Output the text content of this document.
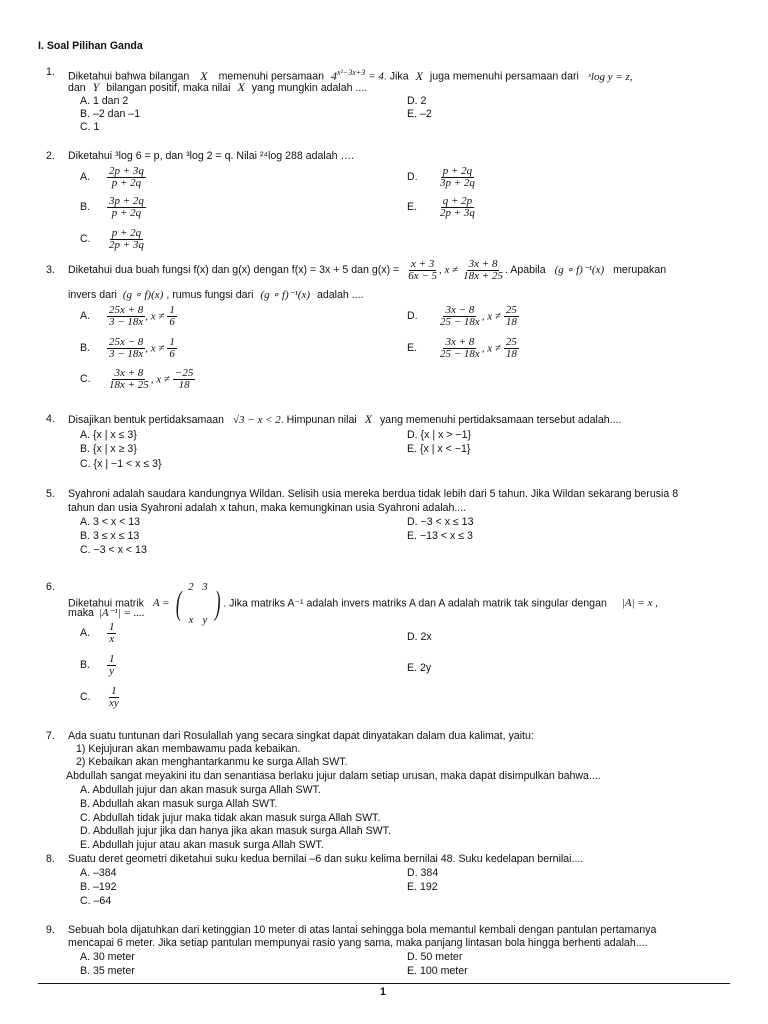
I. Soal Pilihan Ganda
1. Diketahui bahwa bilangan X memenuhi persamaan $4^{x^2-3x+3} = 4$. Jika X juga memenuhi persamaan dari ˣlog y = z,
dan Y bilangan positif, maka nilai X yang mungkin adalah ....
A. 1 dan 2
B. –2 dan –1
C. 1
D. 2
E. –2
2. Diketahui ³log 6 = p, dan ³log 2 = q. Nilai ²⁴log 288 adalah ….
A. $\frac{2p + 3q}{p + 2q}$
B. $\frac{3p + 2q}{p + 2q}$
C. $\frac{p + 2q}{2p + 3q}$
D. $\frac{p + 2q}{3p + 2q}$
E. $\frac{q + 2p}{2p + 3q}$
3. Diketahui dua buah fungsi f(x) dan g(x) dengan f(x) = 3x + 5 dan $g(x) = \frac{x + 3}{6x - 5}$ , $x \ne \frac{3x + 8}{18x + 25}$ . Apabila (g ∘ f)⁻¹(x) merupakan
invers dari (g ∘ f)(x) , rumus fungsi dari (g ∘ f)⁻¹(x) adalah ....
A. $\frac{25x + 8}{3 - 18x}$ , $x \ne \frac{1}{6}$
B. $\frac{25x - 8}{3 - 18x}$ , $x \ne \frac{1}{6}$
C. $\frac{3x + 8}{18x + 25}$ , $x \ne \frac{-25}{18}$
D. $\frac{3x - 8}{25 - 18x}$ , $x \ne \frac{25}{18}$
E. $\frac{3x + 8}{25 - 18x}$ , $x \ne \frac{25}{18}$
4. Disajikan bentuk pertidaksamaan √3 − x < 2. Himpunan nilai X yang memenuhi pertidaksamaan tersebut adalah....
A. {x | x ≤ 3}
B. {x | x ≥ 3}
C. {x | −1 < x ≤ 3}
D. {x | x > −1}
E. {x | x < −1}
5. Syahroni adalah saudara kandungnya Wildan. Selisih usia mereka berdua tidak lebih dari 5 tahun. Jika Wildan sekarang berusia 8
tahun dan usia Syahroni adalah x tahun, maka kemungkinan usia Syahroni adalah....
A. 3 < x < 13
B. 3 ≤ x ≤ 13
C. −3 < x < 13
D. −3 < x ≤ 13
E. −13 < x ≤ 3
6.
Diketahui matrik A = ( 2 3
x y ) . Jika matriks A⁻¹ adalah invers matriks A dan A adalah matrik tak singular dengan |A| = x ,
maka |A⁻¹| = ....
A. $\frac{1}{x}$
B. $\frac{1}{y}$
C. $\frac{1}{xy}$
D. 2x
E. 2y
7. Ada suatu tuntunan dari Rosulallah yang secara singkat dapat dinyatakan dalam dua kalimat, yaitu:
1) Kejujuran akan membawamu pada kebaikan.
2) Kebaikan akan menghantarkanmu ke surga Allah SWT.
Abdullah sangat meyakini itu dan senantiasa berlaku jujur dalam setiap urusan, maka dapat disimpulkan bahwa....
A. Abdullah jujur dan akan masuk surga Allah SWT.
B. Abdullah akan masuk surga Allah SWT.
C. Abdullah tidak jujur maka tidak akan masuk surga Allah SWT.
D. Abdullah jujur jika dan hanya jika akan masuk surga Allah SWT.
E. Abdullah jujur atau akan masuk surga Allah SWT.
8. Suatu deret geometri diketahui suku kedua bernilai –6 dan suku kelima bernilai 48. Suku kedelapan bernilai....
A. –384
B. –192
C. –64
D. 384
E. 192
9. Sebuah bola dijatuhkan dari ketinggian 10 meter di atas lantai sehingga bola memantul kembali dengan pantulan pertamanya
mencapai 6 meter. Jika setiap pantulan mempunyai rasio yang sama, maka panjang lintasan bola hingga berhenti adalah....
A. 30 meter
B. 35 meter
D. 50 meter
E. 100 meter
1
